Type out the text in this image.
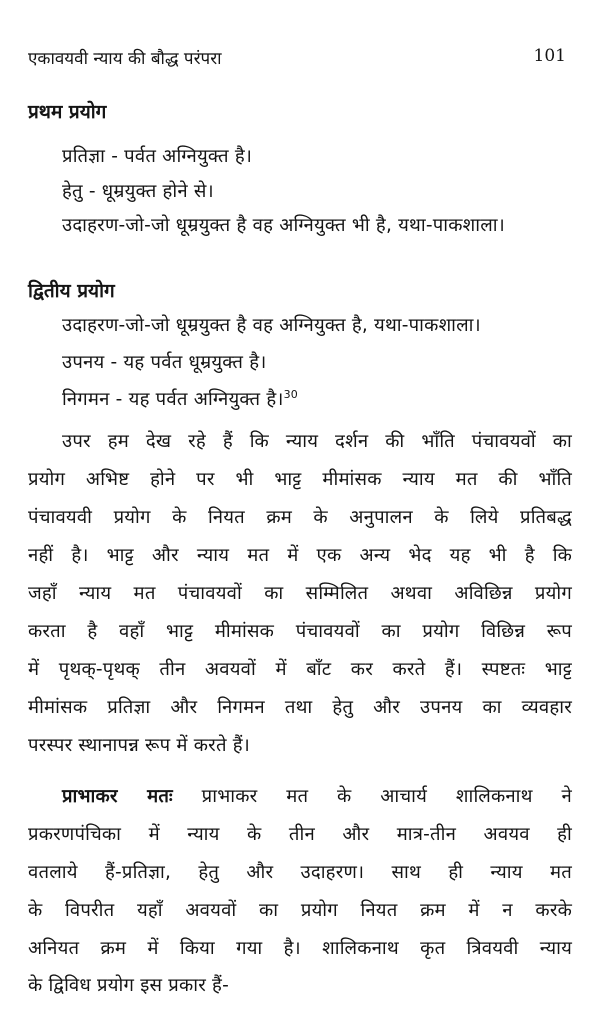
एकावयवी न्याय की बौद्ध परंपरा	101
प्रथम प्रयोग
प्रतिज्ञा - पर्वत अग्नियुक्त है।
हेतु - धूम्रयुक्त होने से।
उदाहरण-जो-जो धूम्रयुक्त है वह अग्नियुक्त भी है, यथा-पाकशाला।
द्वितीय प्रयोग
उदाहरण-जो-जो धूम्रयुक्त है वह अग्नियुक्त है, यथा-पाकशाला।
उपनय - यह पर्वत धूम्रयुक्त है।
निगमन - यह पर्वत अग्नियुक्त है।$^{30}$
उपर हम देख रहे हैं कि न्याय दर्शन की भाँति पंचावयवों का
प्रयोग अभिष्ट होने पर भी भाट्ट मीमांसक न्याय मत की भाँति
पंचावयवी प्रयोग के नियत क्रम के अनुपालन के लिये प्रतिबद्ध
नहीं है। भाट्ट और न्याय मत में एक अन्य भेद यह भी है कि
जहाँ न्याय मत पंचावयवों का सम्मिलित अथवा अविछिन्न प्रयोग
करता है वहाँ भाट्ट मीमांसक पंचावयवों का प्रयोग विछिन्न रूप
में पृथक्-पृथक् तीन अवयवों में बाँट कर करते हैं। स्पष्टतः भाट्ट
मीमांसक प्रतिज्ञा और निगमन तथा हेतु और उपनय का व्यवहार
परस्पर स्थानापन्न रूप में करते हैं।
प्राभाकर मतः प्राभाकर मत के आचार्य शालिकनाथ ने
प्रकरणपंचिका में न्याय के तीन और मात्र-तीन अवयव ही
वतलाये हैं-प्रतिज्ञा, हेतु और उदाहरण। साथ ही न्याय मत
के विपरीत यहाँ अवयवों का प्रयोग नियत क्रम में न करके
अनियत क्रम में किया गया है। शालिकनाथ कृत त्रिवयवी न्याय
के द्विविध प्रयोग इस प्रकार हैं-
